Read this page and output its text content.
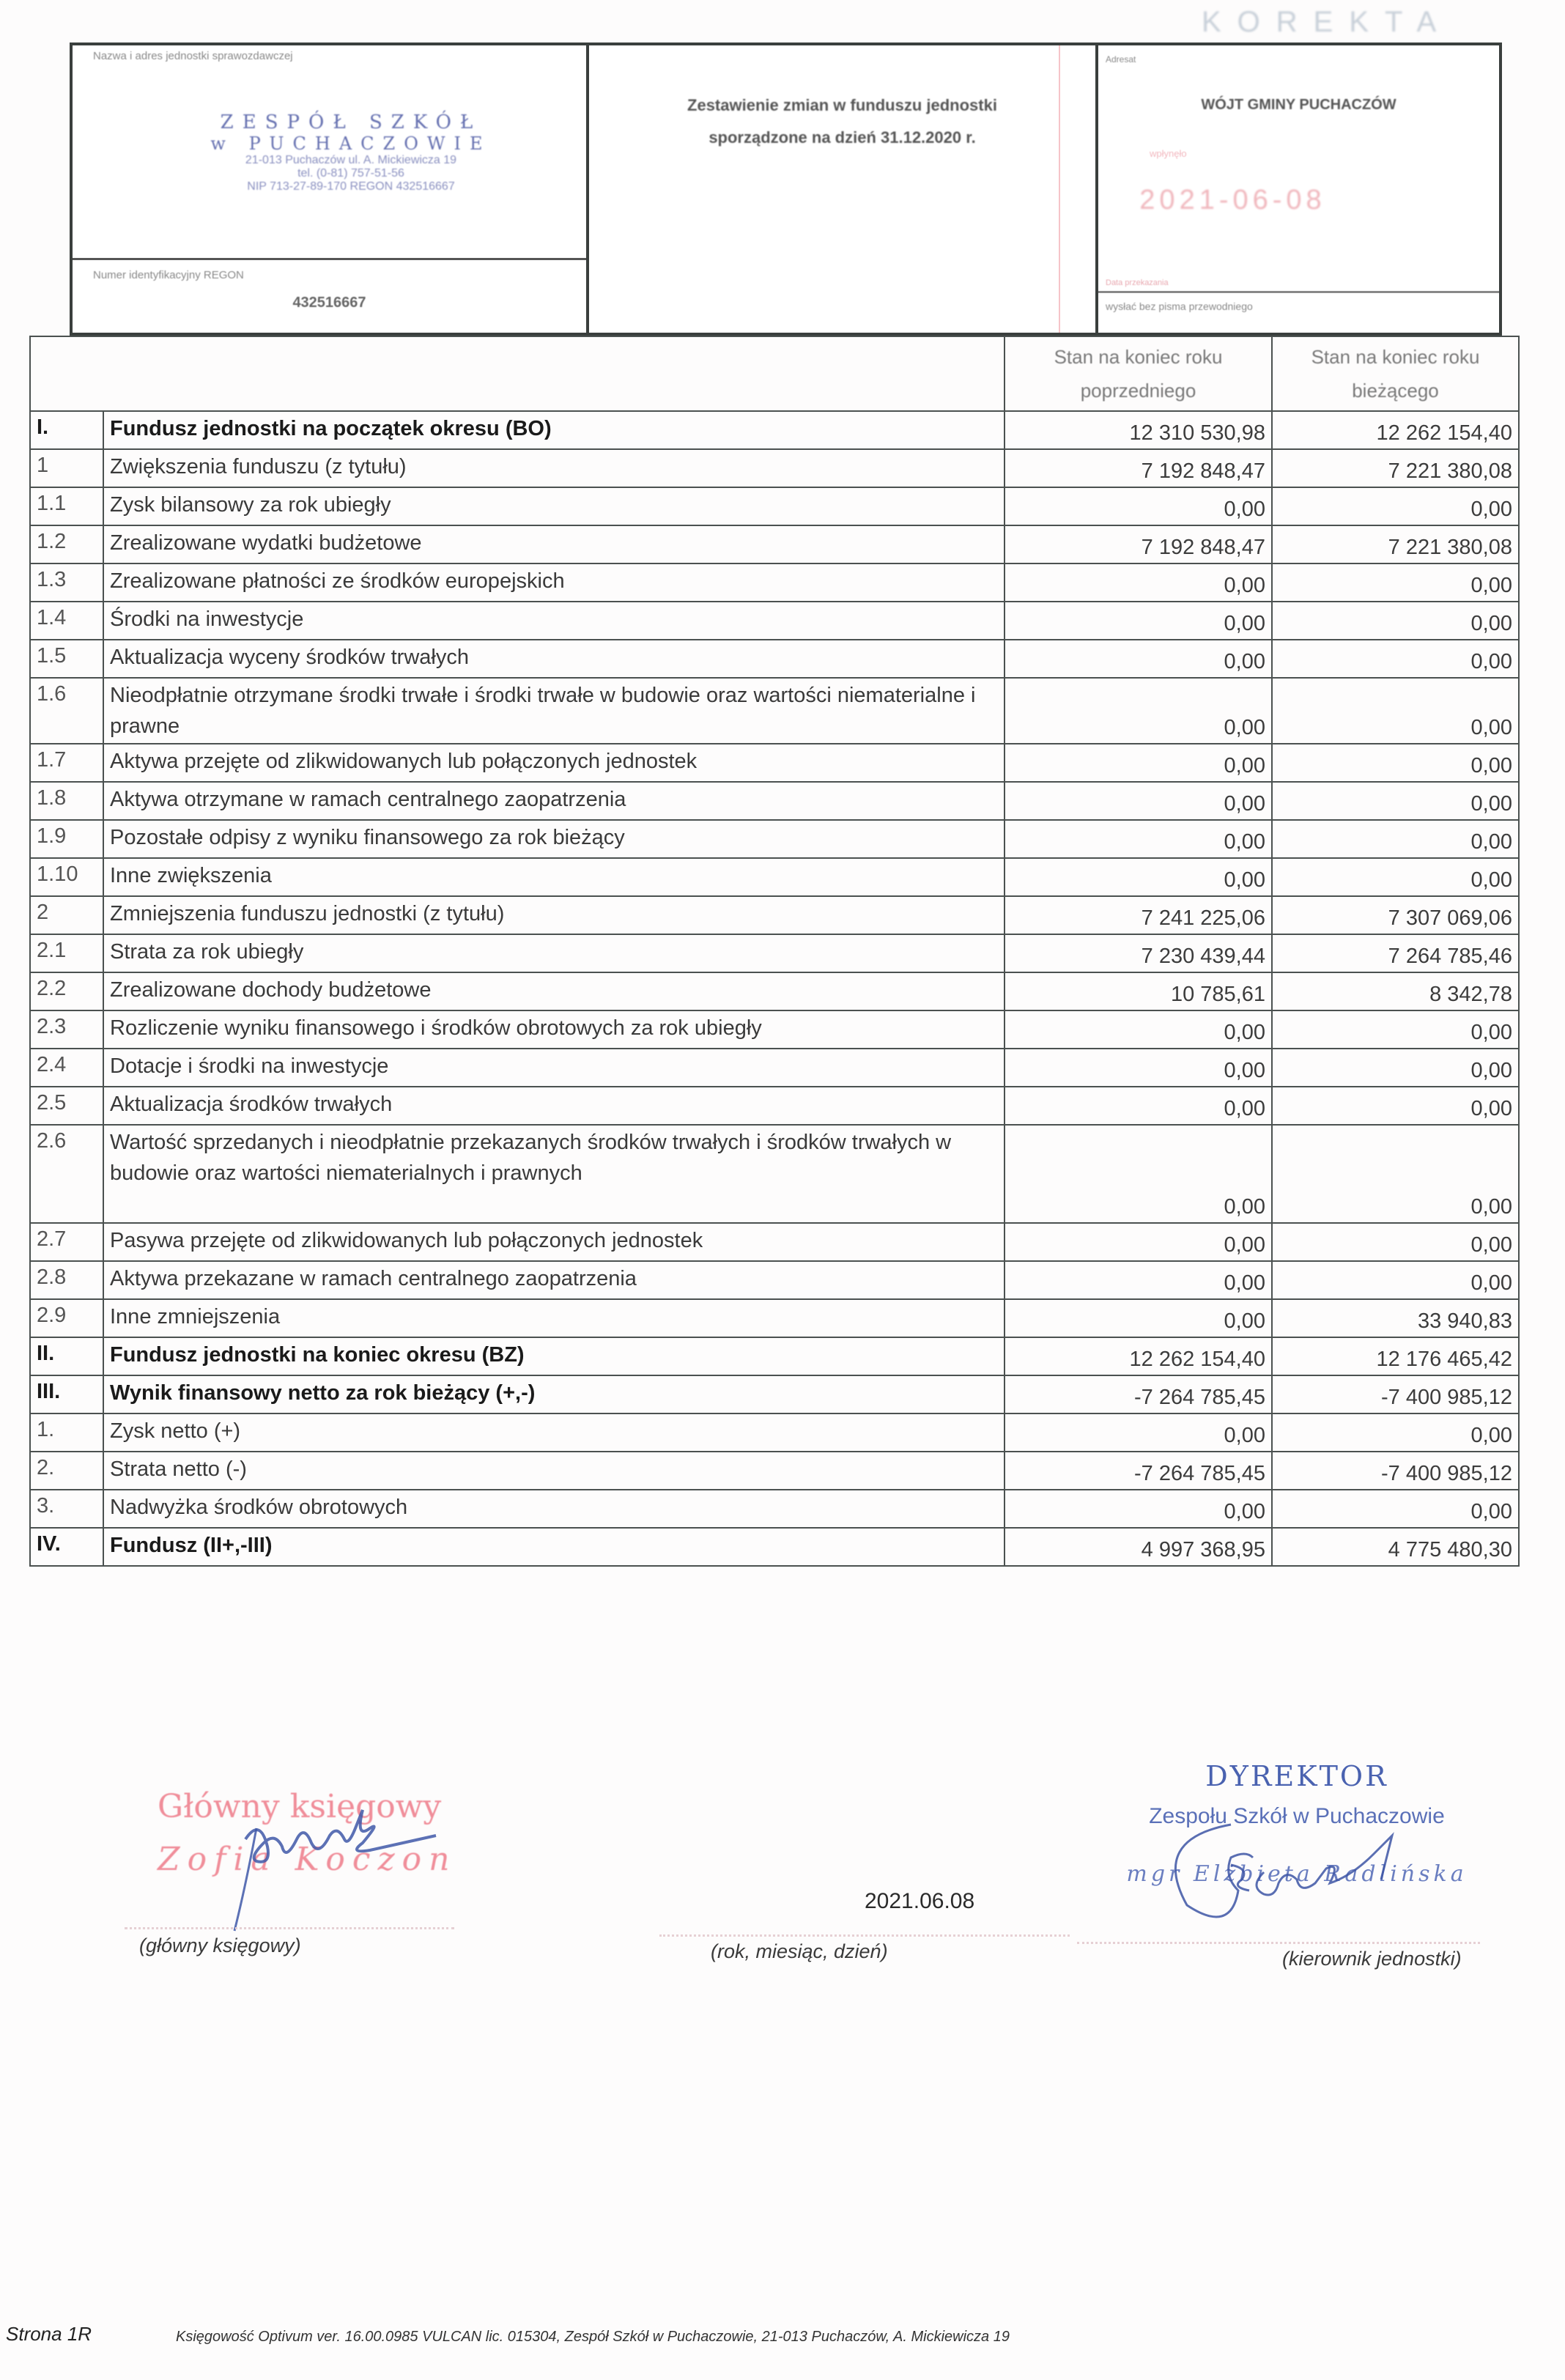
KOREKTA
Nazwa i adres jednostki sprawozdawczej
ZESPÓŁ SZKÓŁ
w PUCHACZOWIE
21-013 Puchaczów ul. A. Mickiewicza 19
tel. (0-81) 757-51-56
NIP 713-27-89-170 REGON 432516667
Numer identyfikacyjny REGON
432516667
Zestawienie zmian w funduszu jednostki
sporządzone na dzień 31.12.2020 r.
Adresat
WÓJT GMINY PUCHACZÓW
wpłynęło
2021-06-08
Data przekazania
wysłać bez pisma przewodniego
		Stan na koniec roku poprzedniego	Stan na koniec roku bieżącego
I.	Fundusz jednostki na początek okresu (BO)	12 310 530,98	12 262 154,40
1	Zwiększenia funduszu (z tytułu)	7 192 848,47	7 221 380,08
1.1	Zysk bilansowy za rok ubiegły	0,00	0,00
1.2	Zrealizowane wydatki budżetowe	7 192 848,47	7 221 380,08
1.3	Zrealizowane płatności ze środków europejskich	0,00	0,00
1.4	Środki na inwestycje	0,00	0,00
1.5	Aktualizacja wyceny środków trwałych	0,00	0,00
1.6	Nieodpłatnie otrzymane środki trwałe i środki trwałe w budowie oraz wartości niematerialne i prawne	0,00	0,00
1.7	Aktywa przejęte od zlikwidowanych lub połączonych jednostek	0,00	0,00
1.8	Aktywa otrzymane w ramach centralnego zaopatrzenia	0,00	0,00
1.9	Pozostałe odpisy z wyniku finansowego za rok bieżący	0,00	0,00
1.10	Inne zwiększenia	0,00	0,00
2	Zmniejszenia funduszu jednostki (z tytułu)	7 241 225,06	7 307 069,06
2.1	Strata za rok ubiegły	7 230 439,44	7 264 785,46
2.2	Zrealizowane dochody budżetowe	10 785,61	8 342,78
2.3	Rozliczenie wyniku finansowego i środków obrotowych za rok ubiegły	0,00	0,00
2.4	Dotacje i środki na inwestycje	0,00	0,00
2.5	Aktualizacja środków trwałych	0,00	0,00
2.6	Wartość sprzedanych i nieodpłatnie przekazanych środków trwałych i środków trwałych w budowie oraz wartości niematerialnych i prawnych	0,00	0,00
2.7	Pasywa przejęte od zlikwidowanych lub połączonych jednostek	0,00	0,00
2.8	Aktywa przekazane w ramach centralnego zaopatrzenia	0,00	0,00
2.9	Inne zmniejszenia	0,00	33 940,83
II.	Fundusz jednostki na koniec okresu (BZ)	12 262 154,40	12 176 465,42
III.	Wynik finansowy netto za rok bieżący (+,-)	-7 264 785,45	-7 400 985,12
1.	Zysk netto (+)	0,00	0,00
2.	Strata netto (-)	-7 264 785,45	-7 400 985,12
3.	Nadwyżka środków obrotowych	0,00	0,00
IV.	Fundusz (II+,-III)	4 997 368,95	4 775 480,30
Główny księgowy
Zofia Koczon
(główny księgowy)
2021.06.08
(rok, miesiąc, dzień)
DYREKTOR
Zespołu Szkół w Puchaczowie
mgr Elżbieta Radlińska
(kierownik jednostki)
Strona 1R	Księgowość Optivum ver. 16.00.0985 VULCAN lic. 015304, Zespół Szkół w Puchaczowie, 21-013 Puchaczów, A. Mickiewicza 19
